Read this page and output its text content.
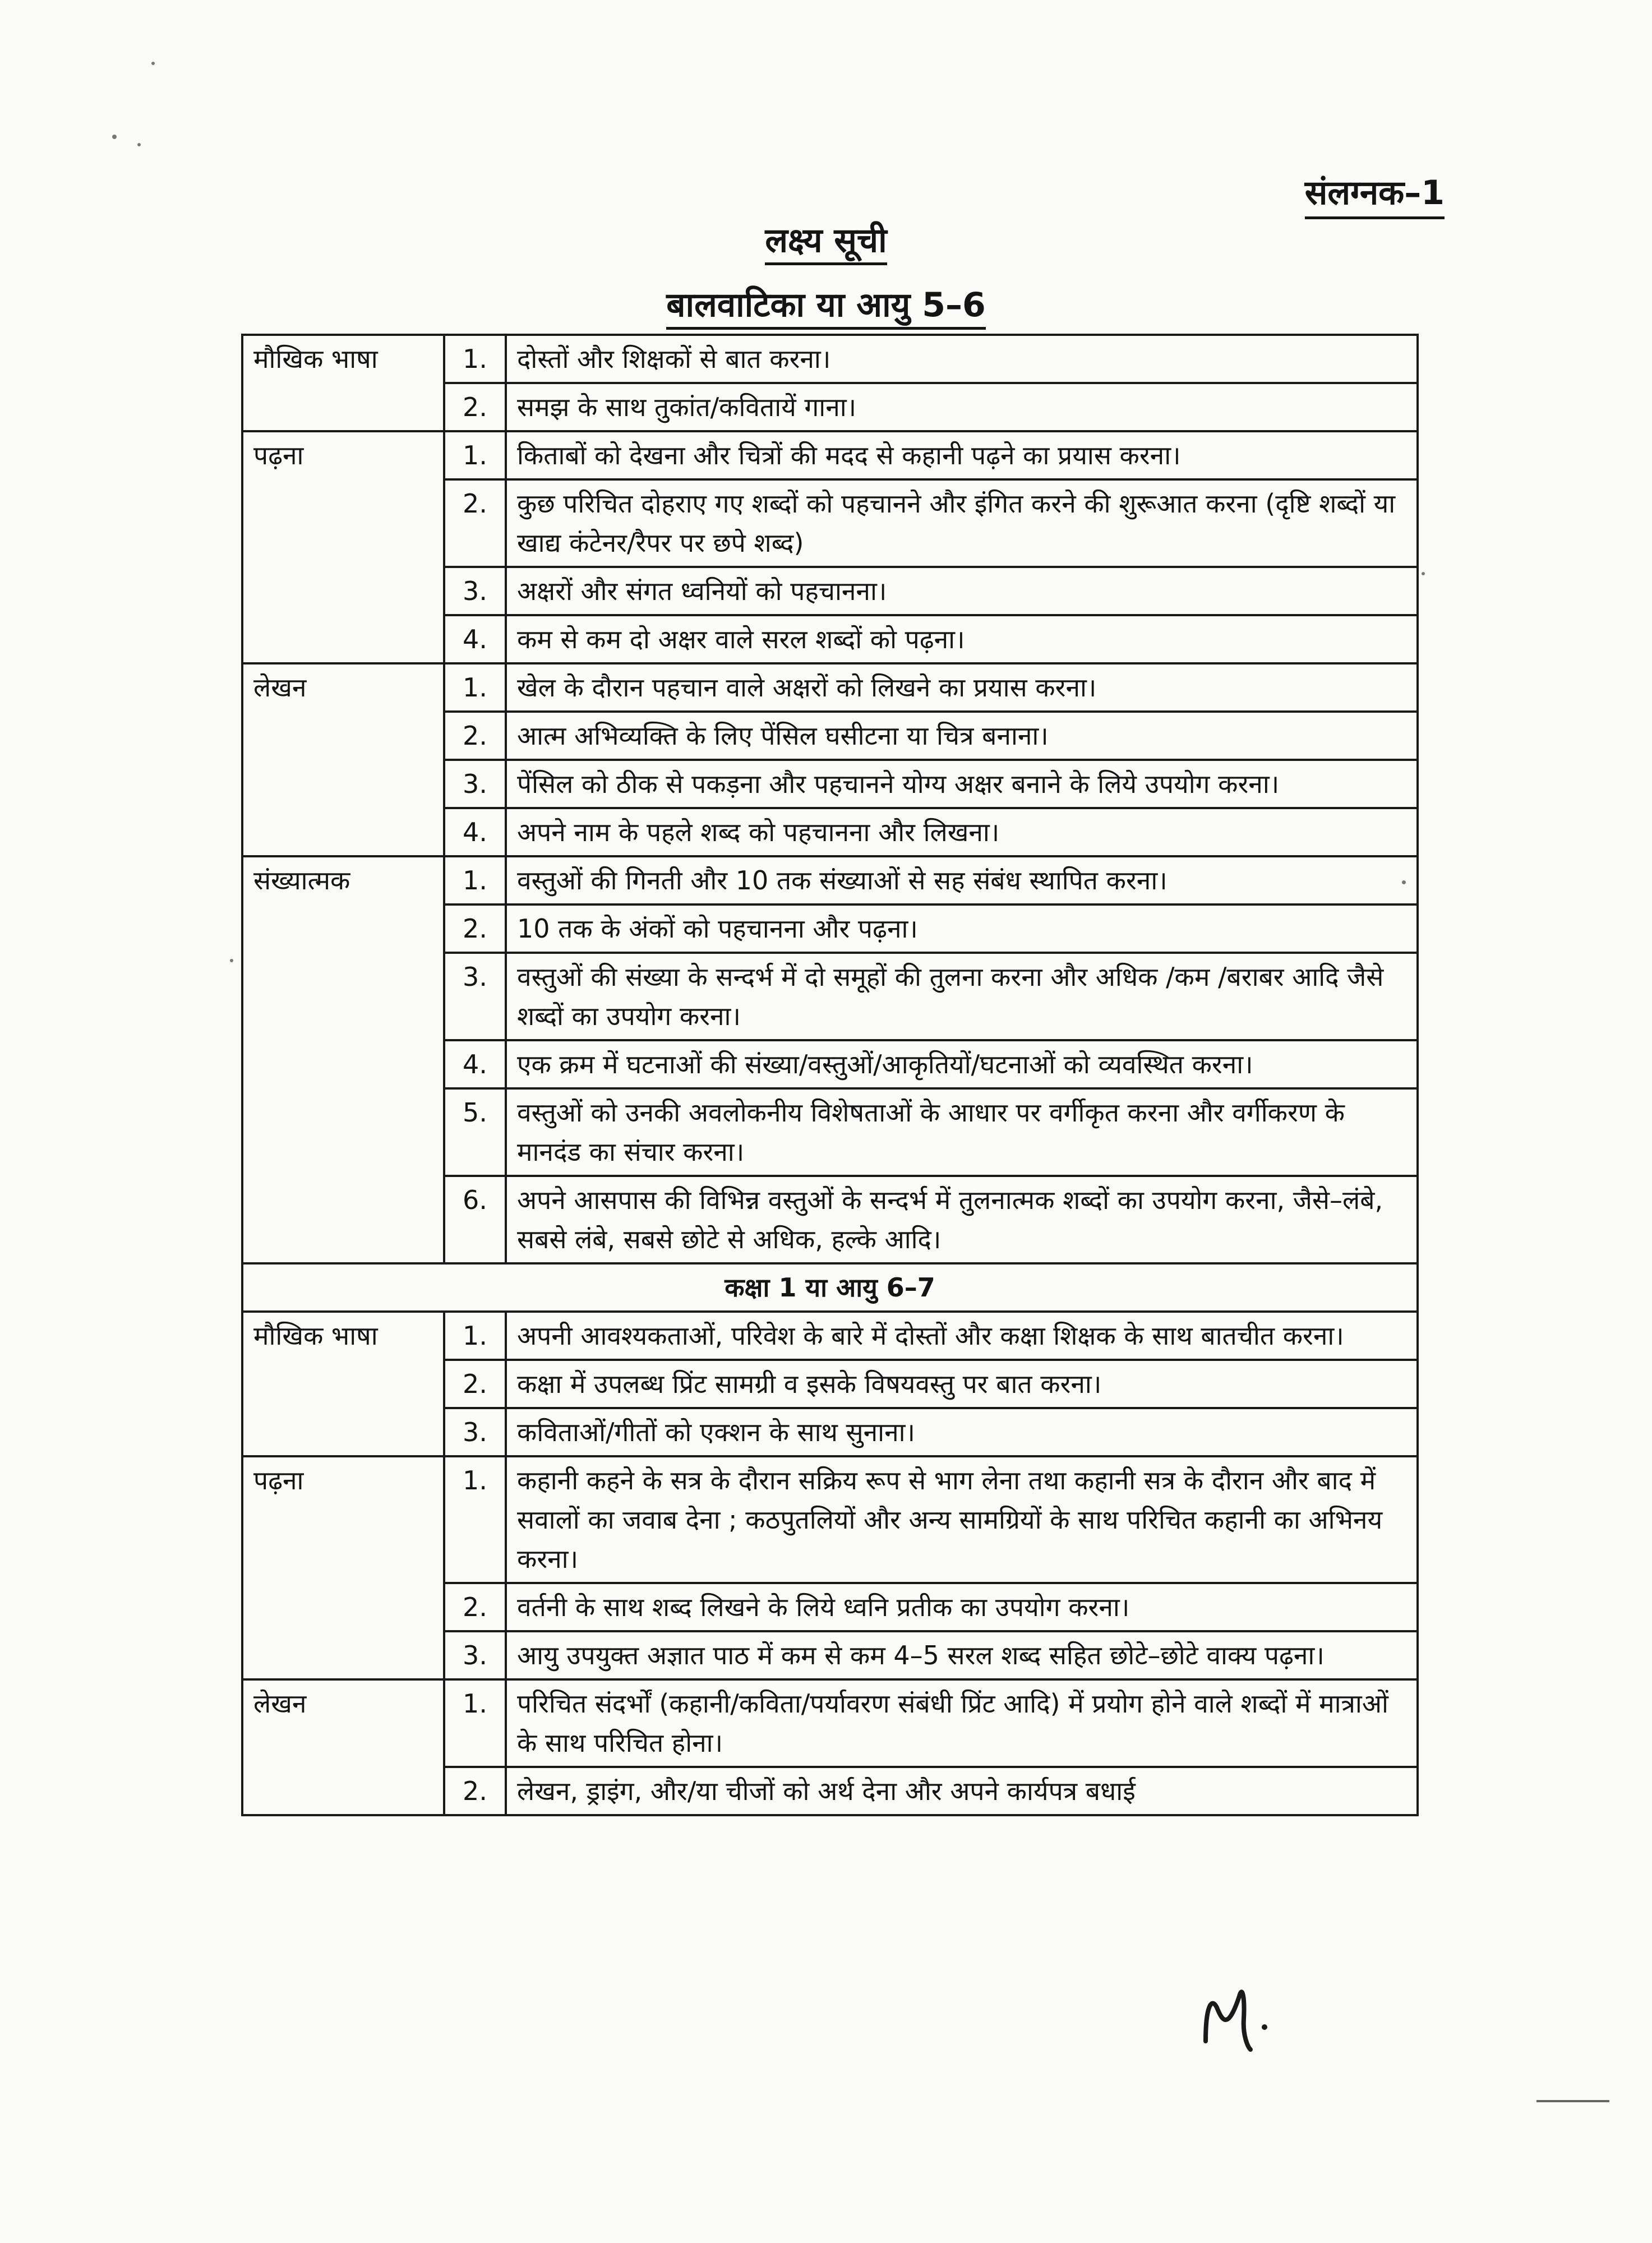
संलग्नक–1
लक्ष्य सूची
बालवाटिका या आयु 5–6
मौखिक भाषा	1.	दोस्तों और शिक्षकों से बात करना।
	2.	समझ के साथ तुकांत/कवितायें गाना।
पढ़ना	1.	किताबों को देखना और चित्रों की मदद से कहानी पढ़ने का प्रयास करना।
	2.	कुछ परिचित दोहराए गए शब्दों को पहचानने और इंगित करने की शुरूआत करना (दृष्टि शब्दों या खाद्य कंटेनर/रैपर पर छपे शब्द)
	3.	अक्षरों और संगत ध्वनियों को पहचानना।
	4.	कम से कम दो अक्षर वाले सरल शब्दों को पढ़ना।
लेखन	1.	खेल के दौरान पहचान वाले अक्षरों को लिखने का प्रयास करना।
	2.	आत्म अभिव्यक्ति के लिए पेंसिल घसीटना या चित्र बनाना।
	3.	पेंसिल को ठीक से पकड़ना और पहचानने योग्य अक्षर बनाने के लिये उपयोग करना।
	4.	अपने नाम के पहले शब्द को पहचानना और लिखना।
संख्यात्मक	1.	वस्तुओं की गिनती और 10 तक संख्याओं से सह संबंध स्थापित करना।
	2.	10 तक के अंकों को पहचानना और पढ़ना।
	3.	वस्तुओं की संख्या के सन्दर्भ में दो समूहों की तुलना करना और अधिक /कम /बराबर आदि जैसे शब्दों का उपयोग करना।
	4.	एक क्रम में घटनाओं की संख्या/वस्तुओं/आकृतियों/घटनाओं को व्यवस्थित करना।
	5.	वस्तुओं को उनकी अवलोकनीय विशेषताओं के आधार पर वर्गीकृत करना और वर्गीकरण के मानदंड का संचार करना।
	6.	अपने आसपास की विभिन्न वस्तुओं के सन्दर्भ में तुलनात्मक शब्दों का उपयोग करना, जैसे–लंबे, सबसे लंबे, सबसे छोटे से अधिक, हल्के आदि।
कक्षा 1 या आयु 6–7		
मौखिक भाषा	1.	अपनी आवश्यकताओं, परिवेश के बारे में दोस्तों और कक्षा शिक्षक के साथ बातचीत करना।
	2.	कक्षा में उपलब्ध प्रिंट सामग्री व इसके विषयवस्तु पर बात करना।
	3.	कविताओं/गीतों को एक्शन के साथ सुनाना।
पढ़ना	1.	कहानी कहने के सत्र के दौरान सक्रिय रूप से भाग लेना तथा कहानी सत्र के दौरान और बाद में सवालों का जवाब देना ; कठपुतलियों और अन्य सामग्रियों के साथ परिचित कहानी का अभिनय करना।
	2.	वर्तनी के साथ शब्द लिखने के लिये ध्वनि प्रतीक का उपयोग करना।
	3.	आयु उपयुक्त अज्ञात पाठ में कम से कम 4–5 सरल शब्द सहित छोटे–छोटे वाक्य पढ़ना।
लेखन	1.	परिचित संदर्भों (कहानी/कविता/पर्यावरण संबंधी प्रिंट आदि) में प्रयोग होने वाले शब्दों में मात्राओं के साथ परिचित होना।
	2.	लेखन, ड्राइंग, और/या चीजों को अर्थ देना और अपने कार्यपत्र बधाई
